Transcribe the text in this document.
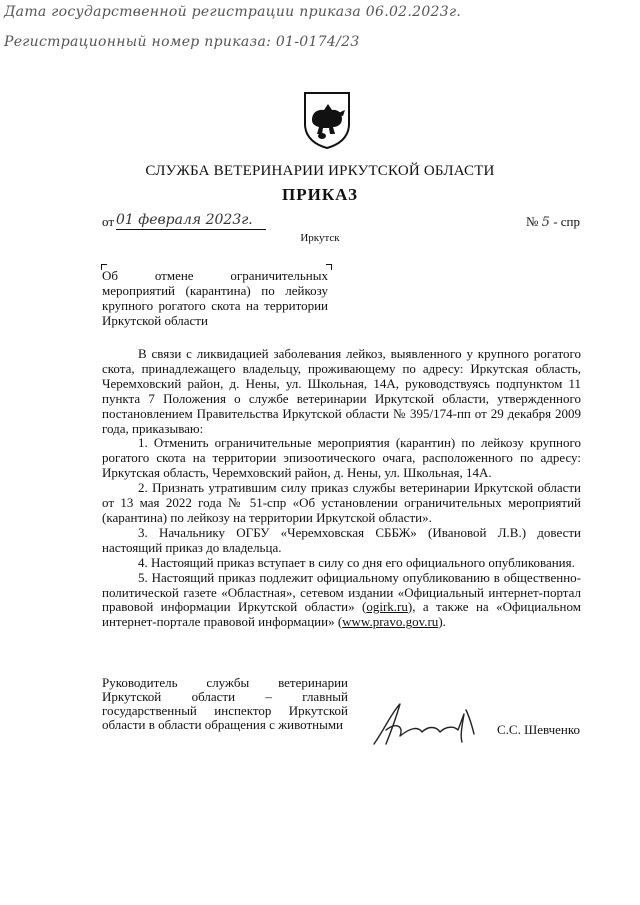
Дата государственной регистрации приказа 06.02.2023г.
Регистрационный номер приказа: 01-0174/23
СЛУЖБА ВЕТЕРИНАРИИ ИРКУТСКОЙ ОБЛАСТИ
ПРИКАЗ
от 01 февраля 2023г.	№ 5 - спр
Иркутск
Об отмене ограничительных мероприятий (карантина) по лейкозу крупного рогатого скота на территории Иркутской области

В связи с ликвидацией заболевания лейкоз, выявленного у крупного рогатого скота, принадлежащего владельцу, проживающему по адресу: Иркутская область, Черемховский район, д. Нены, ул. Школьная, 14А, руководствуясь подпунктом 11 пункта 7 Положения о службе ветеринарии Иркутской области, утвержденного постановлением Правительства Иркутской области № 395/174-пп от 29 декабря 2009 года, приказываю:

1. Отменить ограничительные мероприятия (карантин) по лейкозу крупного рогатого скота на территории эпизоотического очага, расположенного по адресу: Иркутская область, Черемховский район, д. Нены, ул. Школьная, 14А.

2. Признать утратившим силу приказ службы ветеринарии Иркутской области от 13 мая 2022 года № 51-спр «Об установлении ограничительных мероприятий (карантина) по лейкозу на территории Иркутской области».

3. Начальнику ОГБУ «Черемховская СББЖ» (Ивановой Л.В.) довести настоящий приказ до владельца.

4. Настоящий приказ вступает в силу со дня его официального опубликования.

5. Настоящий приказ подлежит официальному опубликованию в общественно-политической газете «Областная», сетевом издании «Официальный интернет-портал правовой информации Иркутской области» (ogirk.ru), а также на «Официальном интернет-портале правовой информации» (www.pravo.gov.ru).

Руководитель службы ветеринарии Иркутской области – главный государственный инспектор Иркутской области в области обращения с животными	С.С. Шевченко
